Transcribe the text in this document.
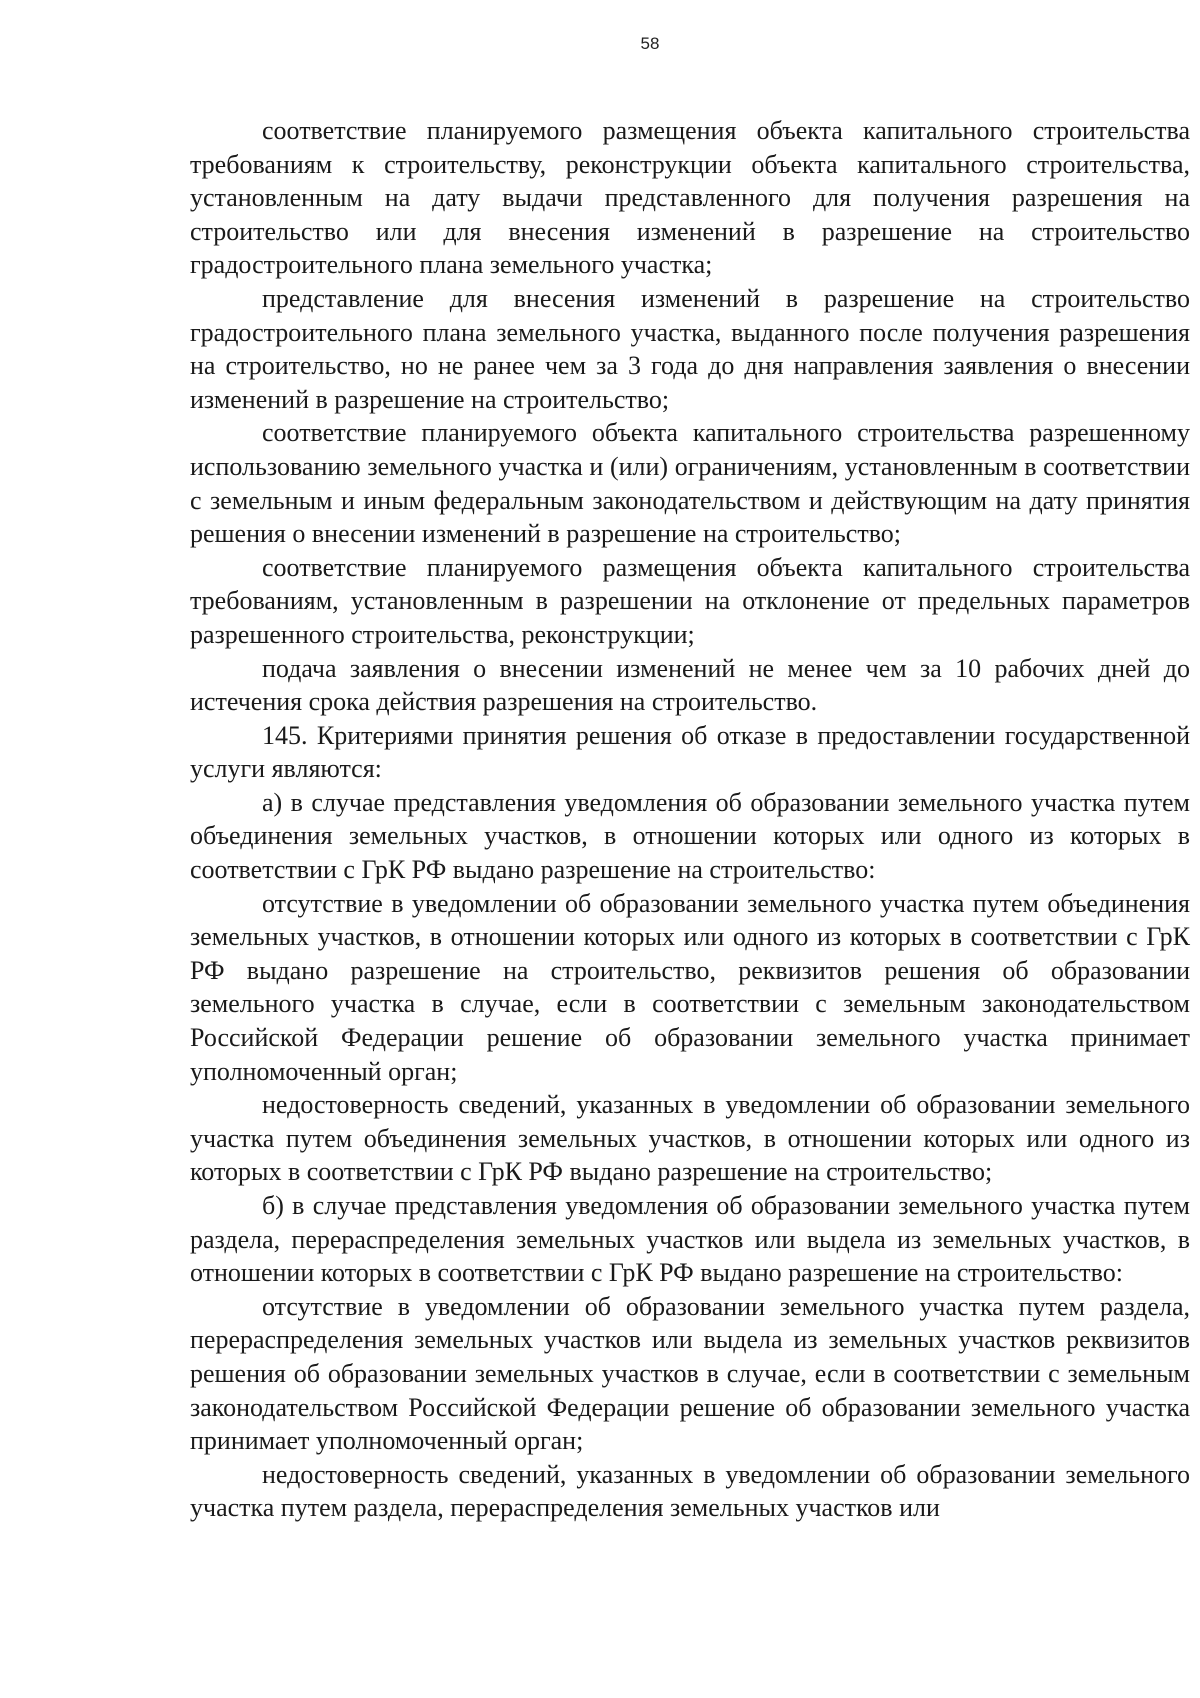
58

соответствие планируемого размещения объекта капитального строительства требованиям к строительству, реконструкции объекта капитального строительства, установленным на дату выдачи представленного для получения разрешения на строительство или для внесения изменений в разрешение на строительство градостроительного плана земельного участка;

представление для внесения изменений в разрешение на строительство градостроительного плана земельного участка, выданного после получения разрешения на строительство, но не ранее чем за 3 года до дня направления заявления о внесении изменений в разрешение на строительство;

соответствие планируемого объекта капитального строительства разрешенному использованию земельного участка и (или) ограничениям, установленным в соответствии с земельным и иным федеральным законодательством и действующим на дату принятия решения о внесении изменений в разрешение на строительство;

соответствие планируемого размещения объекта капитального строительства требованиям, установленным в разрешении на отклонение от предельных параметров разрешенного строительства, реконструкции;

подача заявления о внесении изменений не менее чем за 10 рабочих дней до истечения срока действия разрешения на строительство.

145. Критериями принятия решения об отказе в предоставлении государственной услуги являются:

а) в случае представления уведомления об образовании земельного участка путем объединения земельных участков, в отношении которых или одного из которых в соответствии с ГрК РФ выдано разрешение на строительство:

отсутствие в уведомлении об образовании земельного участка путем объединения земельных участков, в отношении которых или одного из которых в соответствии с ГрК РФ выдано разрешение на строительство, реквизитов решения об образовании земельного участка в случае, если в соответствии с земельным законодательством Российской Федерации решение об образовании земельного участка принимает уполномоченный орган;

недостоверность сведений, указанных в уведомлении об образовании земельного участка путем объединения земельных участков, в отношении которых или одного из которых в соответствии с ГрК РФ выдано разрешение на строительство;

б) в случае представления уведомления об образовании земельного участка путем раздела, перераспределения земельных участков или выдела из земельных участков, в отношении которых в соответствии с ГрК РФ выдано разрешение на строительство:

отсутствие в уведомлении об образовании земельного участка путем раздела, перераспределения земельных участков или выдела из земельных участков реквизитов решения об образовании земельных участков в случае, если в соответствии с земельным законодательством Российской Федерации решение об образовании земельного участка принимает уполномоченный орган;

недостоверность сведений, указанных в уведомлении об образовании земельного участка путем раздела, перераспределения земельных участков или
